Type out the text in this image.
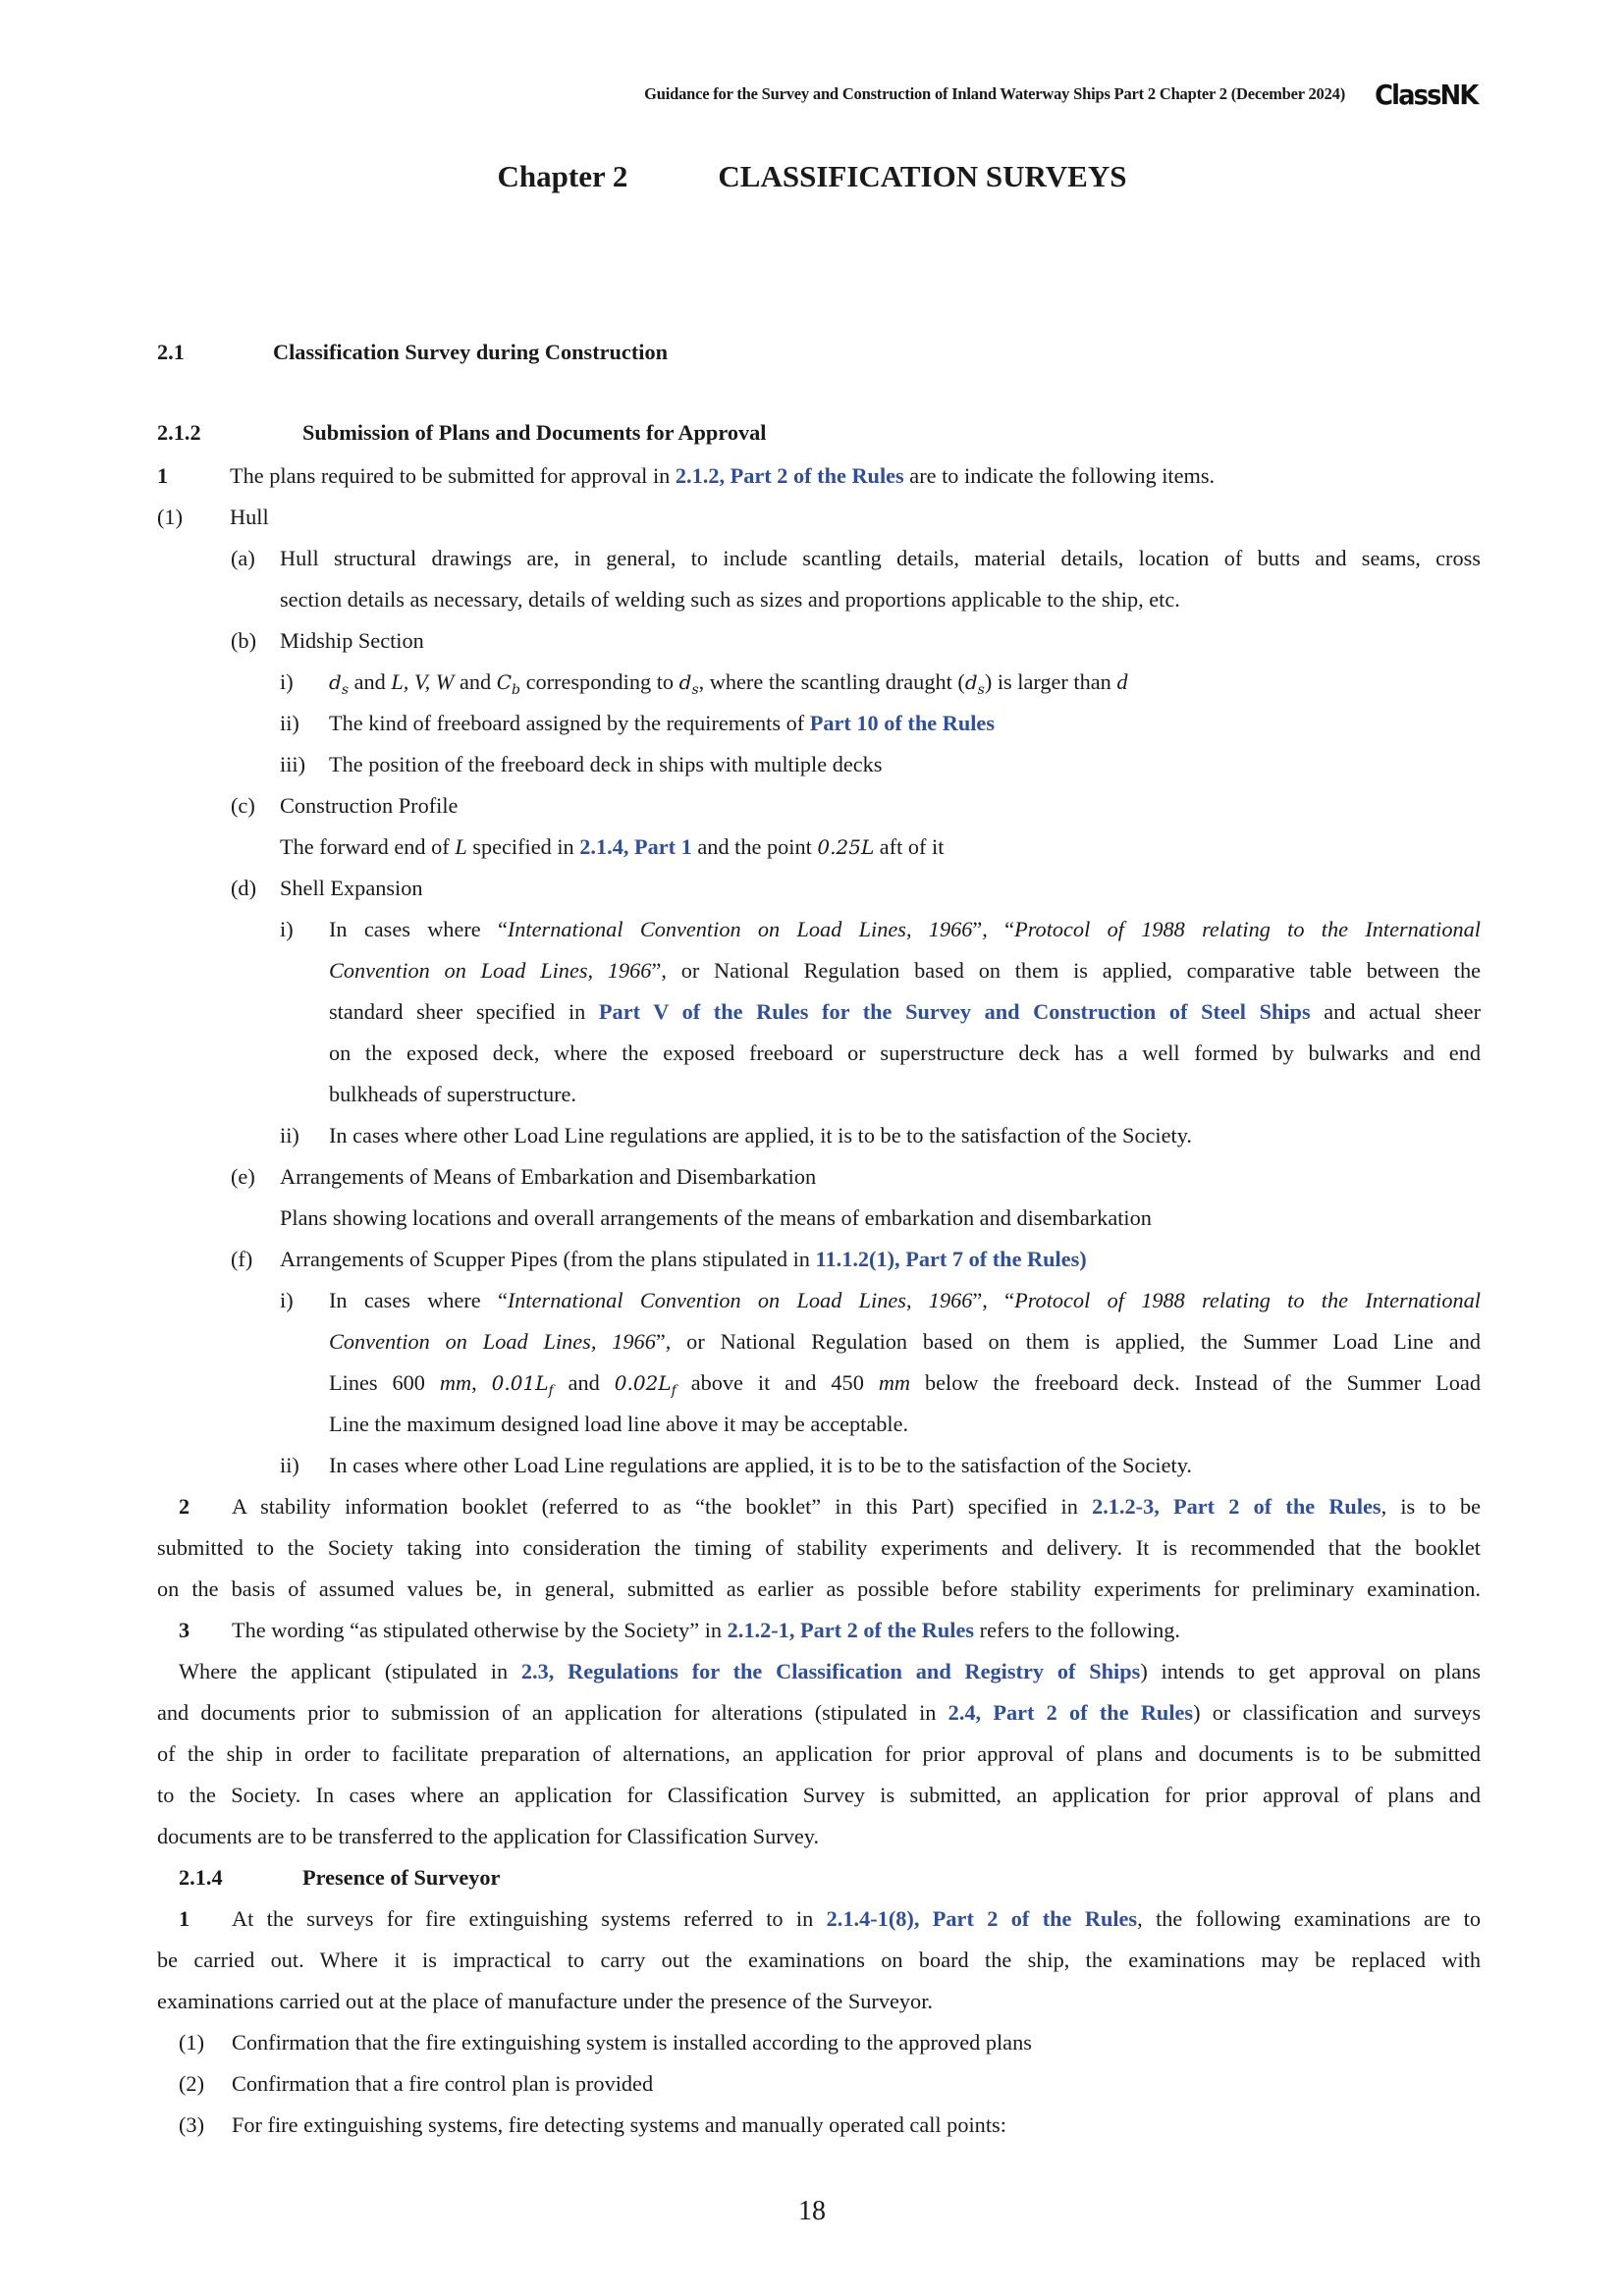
Guidance for the Survey and Construction of Inland Waterway Ships Part 2 Chapter 2 (December 2024) ClassNK
Chapter 2	CLASSIFICATION SURVEYS
2.1	Classification Survey during Construction
2.1.2	Submission of Plans and Documents for Approval
1	The plans required to be submitted for approval in 2.1.2, Part 2 of the Rules are to indicate the following items.
(1) Hull
(a) Hull structural drawings are, in general, to include scantling details, material details, location of butts and seams, cross
section details as necessary, details of welding such as sizes and proportions applicable to the ship, etc.
(b) Midship Section
i) $d_s$ and L, V, W and $C_b$ corresponding to $d_s$, where the scantling draught $(d_s)$ is larger than d
ii) The kind of freeboard assigned by the requirements of Part 10 of the Rules
iii) The position of the freeboard deck in ships with multiple decks
(c) Construction Profile
The forward end of L specified in 2.1.4, Part 1 and the point 0.25L aft of it
(d) Shell Expansion
i) In cases where “International Convention on Load Lines, 1966”, “Protocol of 1988 relating to the International
Convention on Load Lines, 1966”, or National Regulation based on them is applied, comparative table between the
standard sheer specified in Part V of the Rules for the Survey and Construction of Steel Ships and actual sheer
on the exposed deck, where the exposed freeboard or superstructure deck has a well formed by bulwarks and end
bulkheads of superstructure.
ii) In cases where other Load Line regulations are applied, it is to be to the satisfaction of the Society.
(e) Arrangements of Means of Embarkation and Disembarkation
Plans showing locations and overall arrangements of the means of embarkation and disembarkation
(f) Arrangements of Scupper Pipes (from the plans stipulated in 11.1.2(1), Part 7 of the Rules)
i) In cases where “International Convention on Load Lines, 1966”, “Protocol of 1988 relating to the International
Convention on Load Lines, 1966”, or National Regulation based on them is applied, the Summer Load Line and
Lines 600 mm, $0.01L_f$ and $0.02L_f$ above it and 450 mm below the freeboard deck. Instead of the Summer Load
Line the maximum designed load line above it may be acceptable.
ii) In cases where other Load Line regulations are applied, it is to be to the satisfaction of the Society.
2 A stability information booklet (referred to as “the booklet” in this Part) specified in 2.1.2-3, Part 2 of the Rules, is to be
submitted to the Society taking into consideration the timing of stability experiments and delivery. It is recommended that the booklet
on the basis of assumed values be, in general, submitted as earlier as possible before stability experiments for preliminary examination.
3 The wording “as stipulated otherwise by the Society” in 2.1.2-1, Part 2 of the Rules refers to the following.
Where the applicant (stipulated in 2.3, Regulations for the Classification and Registry of Ships) intends to get approval on plans
and documents prior to submission of an application for alterations (stipulated in 2.4, Part 2 of the Rules) or classification and surveys
of the ship in order to facilitate preparation of alternations, an application for prior approval of plans and documents is to be submitted
to the Society. In cases where an application for Classification Survey is submitted, an application for prior approval of plans and
documents are to be transferred to the application for Classification Survey.
2.1.4	Presence of Surveyor
1 At the surveys for fire extinguishing systems referred to in 2.1.4-1(8), Part 2 of the Rules, the following examinations are to
be carried out. Where it is impractical to carry out the examinations on board the ship, the examinations may be replaced with
examinations carried out at the place of manufacture under the presence of the Surveyor.
(1) Confirmation that the fire extinguishing system is installed according to the approved plans
(2) Confirmation that a fire control plan is provided
(3) For fire extinguishing systems, fire detecting systems and manually operated call points:
18
